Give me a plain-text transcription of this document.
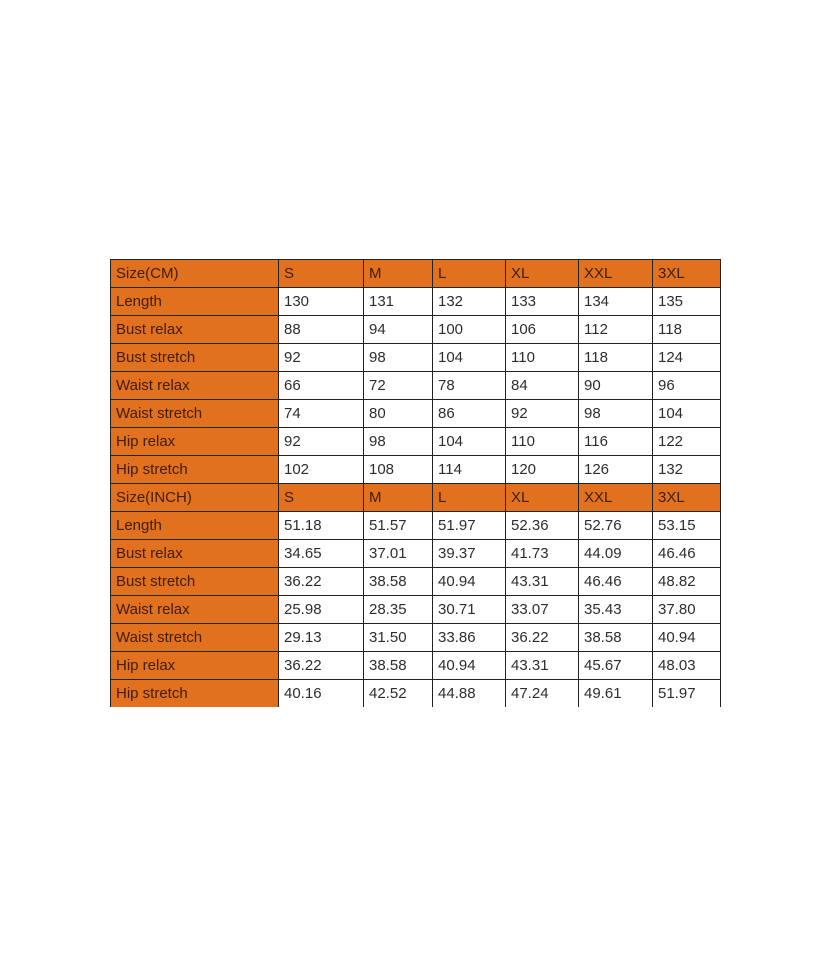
Size(CM)	S	M	L	XL	XXL	3XL
Length	130	131	132	133	134	135
Bust relax	88	94	100	106	112	118
Bust stretch	92	98	104	110	118	124
Waist relax	66	72	78	84	90	96
Waist stretch	74	80	86	92	98	104
Hip relax	92	98	104	110	116	122
Hip stretch	102	108	114	120	126	132
Size(INCH)	S	M	L	XL	XXL	3XL
Length	51.18	51.57	51.97	52.36	52.76	53.15
Bust relax	34.65	37.01	39.37	41.73	44.09	46.46
Bust stretch	36.22	38.58	40.94	43.31	46.46	48.82
Waist relax	25.98	28.35	30.71	33.07	35.43	37.80
Waist stretch	29.13	31.50	33.86	36.22	38.58	40.94
Hip relax	36.22	38.58	40.94	43.31	45.67	48.03
Hip stretch	40.16	42.52	44.88	47.24	49.61	51.97
